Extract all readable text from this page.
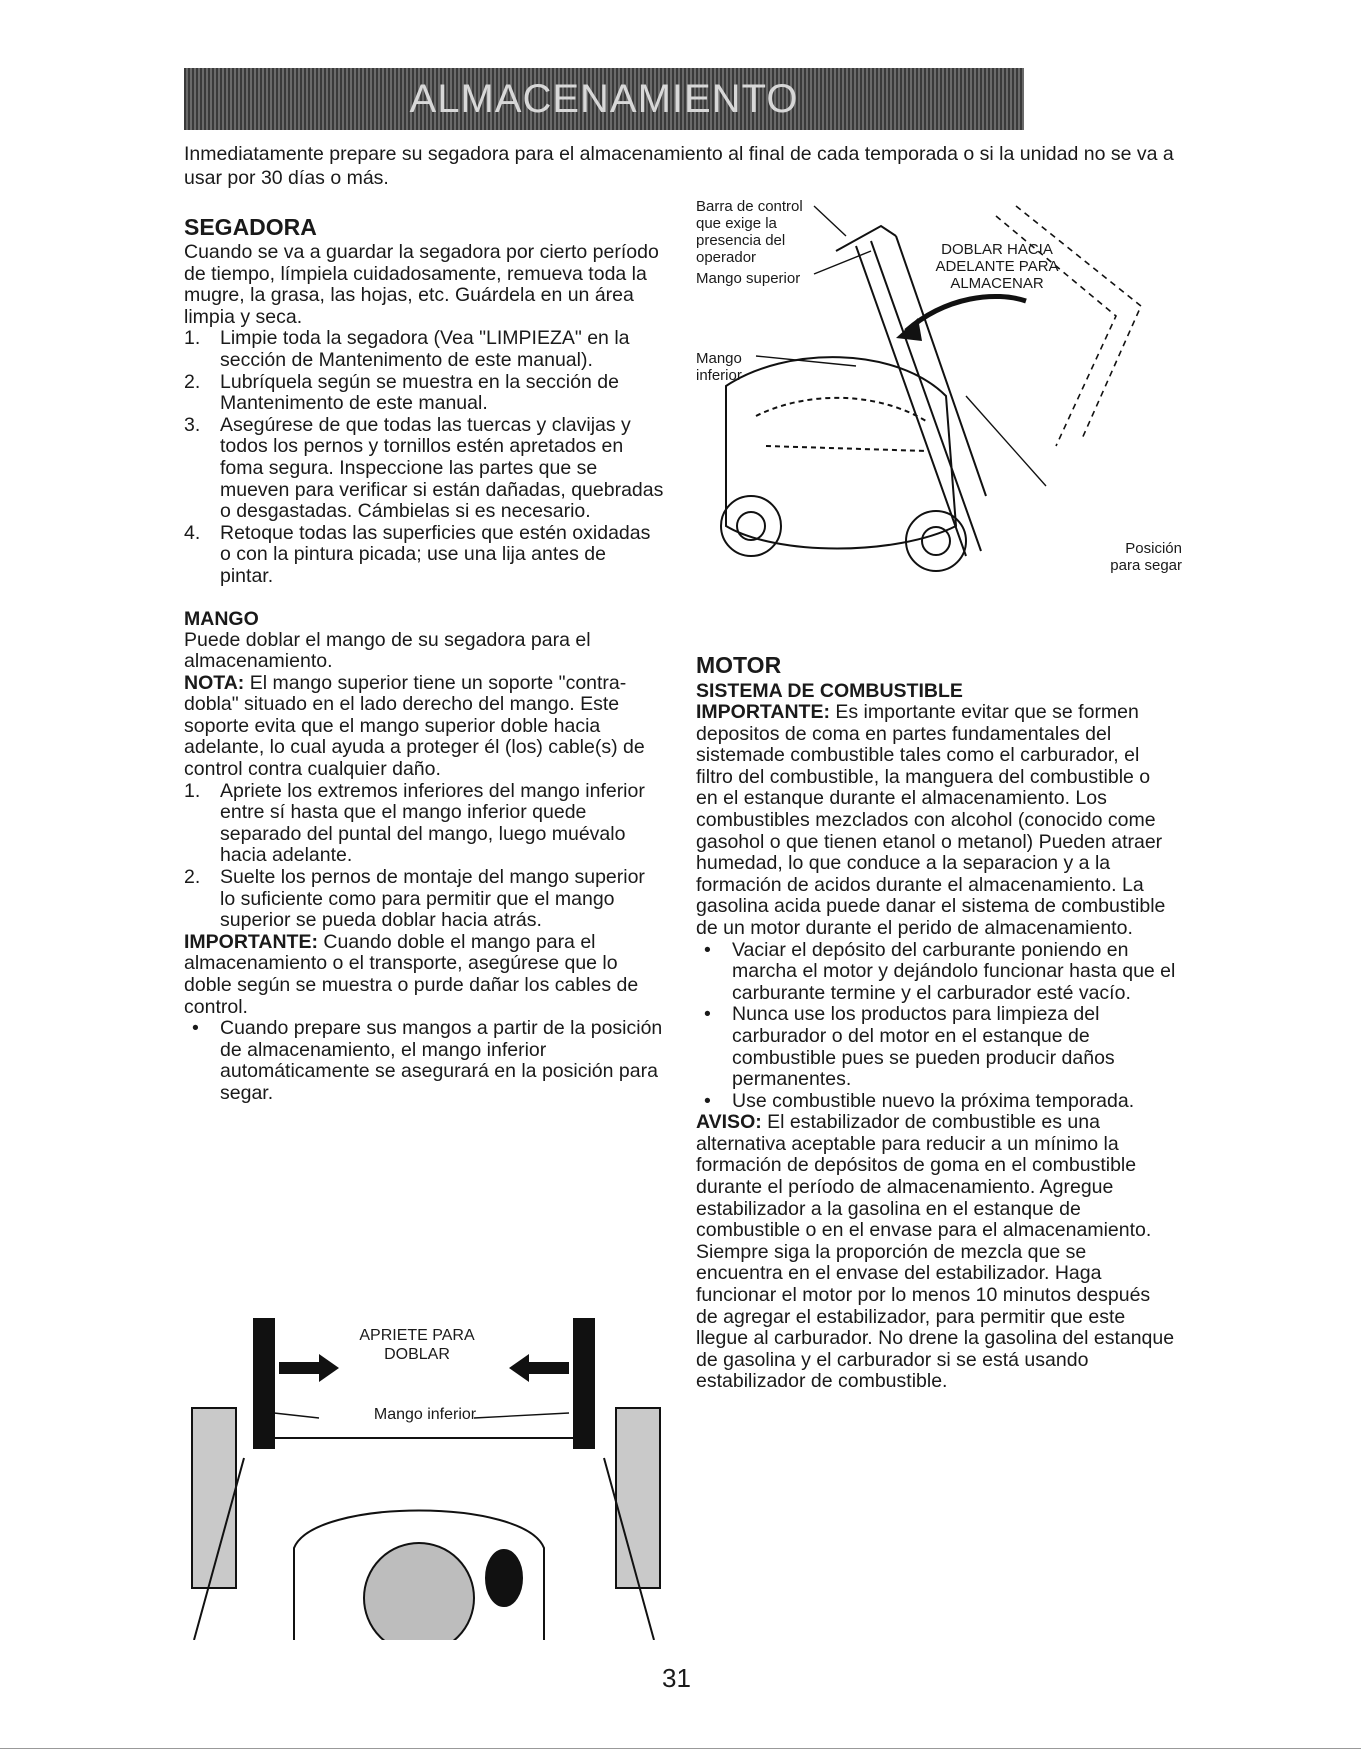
ALMACENAMIENTO

Inmediatamente prepare su segadora para el almacenamiento al final de cada temporada o si la unidad no se va a usar por 30 días o más.

SEGADORA

Cuando se va a guardar la segadora por cierto período de tiempo, límpiela cuidadosamente, remueva toda la mugre, la grasa, las hojas, etc. Guárdela en un área limpia y seca.

1.	Limpie toda la segadora (Vea "LIMPIEZA" en la sección de Mantenimento de este manual).
2.	Lubríquela según se muestra en la sección de Mantenimento de este manual.
3.	Asegúrese de que todas las tuercas y clavijas y todos los pernos y tornillos estén apretados en foma segura. Inspeccione las partes que se mueven para verificar si están dañadas, quebradas o desgastadas. Cámbielas si es necesario.
4.	Retoque todas las superficies que estén oxidadas o con la pintura picada; use una lija antes de pintar.
MANGO

Puede doblar el mango de su segadora para el almacenamiento.

NOTA: El mango superior tiene un soporte "contra-dobla" situado en el lado derecho del mango. Este soporte evita que el mango superior doble hacia adelante, lo cual ayuda a proteger él (los) cable(s) de control contra cualquier daño.

1.	Apriete los extremos inferiores del mango inferior entre sí hasta que el mango inferior quede separado del puntal del mango, luego muévalo hacia adelante.
2.	Suelte los pernos de montaje del mango superior lo suficiente como para permitir que el mango superior se pueda doblar hacia atrás.

IMPORTANTE: Cuando doble el mango para el almacenamiento o el transporte, asegúrese que lo doble según se muestra o purde dañar los cables de control.

• Cuando prepare sus mangos a partir de la posición de almacenamiento, el mango inferior automáticamente se asegurará en la posición para segar.
Barra de control que exige la presencia del operador
Mango superior
Mango inferior
DOBLAR HACIA ADELANTE PARA ALMACENAR
Posición para segar
APRIETE PARA DOBLAR
Mango inferior
MOTOR
SISTEMA DE COMBUSTIBLE

IMPORTANTE: Es importante evitar que se formen depositos de coma en partes fundamentales del sistemade combustible tales como el carburador, el filtro del combustible, la manguera del combustible o en el estanque durante el almacenamiento. Los combustibles mezclados con alcohol (conocido come gasohol o que tienen etanol o metanol) Pueden atraer humedad, lo que conduce a la separacion y a la formación de acidos durante el almacenamiento. La gasolina acida puede danar el sistema de combustible de un motor durante el perido de almacenamiento.

• Vaciar el depósito del carburante poniendo en marcha el motor y dejándolo funcionar hasta que el carburante termine y el carburador esté vacío.
• Nunca use los productos para limpieza del carburador o del motor en el estanque de combustible pues se pueden producir daños permanentes.
• Use combustible nuevo la próxima temporada.

AVISO: El estabilizador de combustible es una alternativa aceptable para reducir a un mínimo la formación de depósitos de goma en el combustible durante el período de almacenamiento. Agregue estabilizador a la gasolina en el estanque de combustible o en el envase para el almacenamiento. Siempre siga la proporción de mezcla que se encuentra en el envase del estabilizador. Haga funcionar el motor por lo menos 10 minutos después de agregar el estabilizador, para permitir que este llegue al carburador. No drene la gasolina del estanque de gasolina y el carburador si se está usando estabilizador de combustible.

31
